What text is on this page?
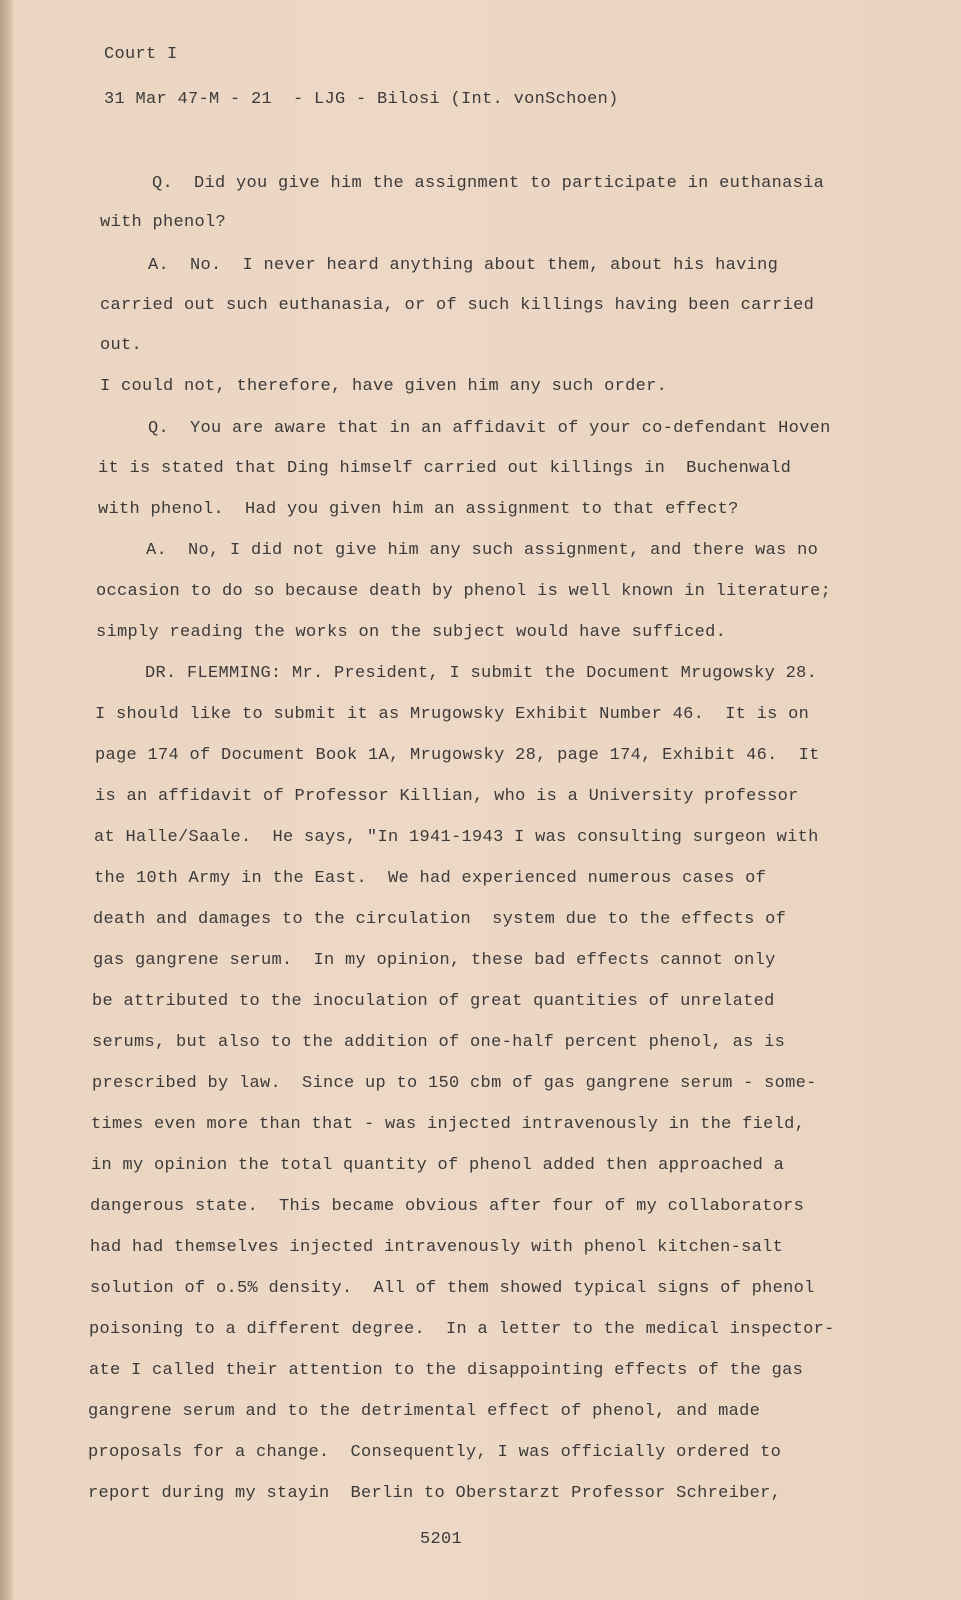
Court I
31 Mar 47-M - 21  - LJG - Bilosi (Int. vonSchoen)
Q.  Did you give him the assignment to participate in euthanasia
with phenol?
A.  No.  I never heard anything about them, about his having
carried out such euthanasia, or of such killings having been carried
out.
I could not, therefore, have given him any such order.
Q.  You are aware that in an affidavit of your co-defendant Hoven
it is stated that Ding himself carried out killings in  Buchenwald
with phenol.  Had you given him an assignment to that effect?
A.  No, I did not give him any such assignment, and there was no
occasion to do so because death by phenol is well known in literature;
simply reading the works on the subject would have sufficed.
DR. FLEMMING: Mr. President, I submit the Document Mrugowsky 28.
I should like to submit it as Mrugowsky Exhibit Number 46.  It is on
page 174 of Document Book 1A, Mrugowsky 28, page 174, Exhibit 46.  It
is an affidavit of Professor Killian, who is a University professor
at Halle/Saale.  He says, "In 1941-1943 I was consulting surgeon with
the 10th Army in the East.  We had experienced numerous cases of
death and damages to the circulation  system due to the effects of
gas gangrene serum.  In my opinion, these bad effects cannot only
be attributed to the inoculation of great quantities of unrelated
serums, but also to the addition of one-half percent phenol, as is
prescribed by law.  Since up to 150 cbm of gas gangrene serum - some-
times even more than that - was injected intravenously in the field,
in my opinion the total quantity of phenol added then approached a
dangerous state.  This became obvious after four of my collaborators
had had themselves injected intravenously with phenol kitchen-salt
solution of o.5% density.  All of them showed typical signs of phenol
poisoning to a different degree.  In a letter to the medical inspector-
ate I called their attention to the disappointing effects of the gas
gangrene serum and to the detrimental effect of phenol, and made
proposals for a change.  Consequently, I was officially ordered to
report during my stayin  Berlin to Oberstarzt Professor Schreiber,
5201
